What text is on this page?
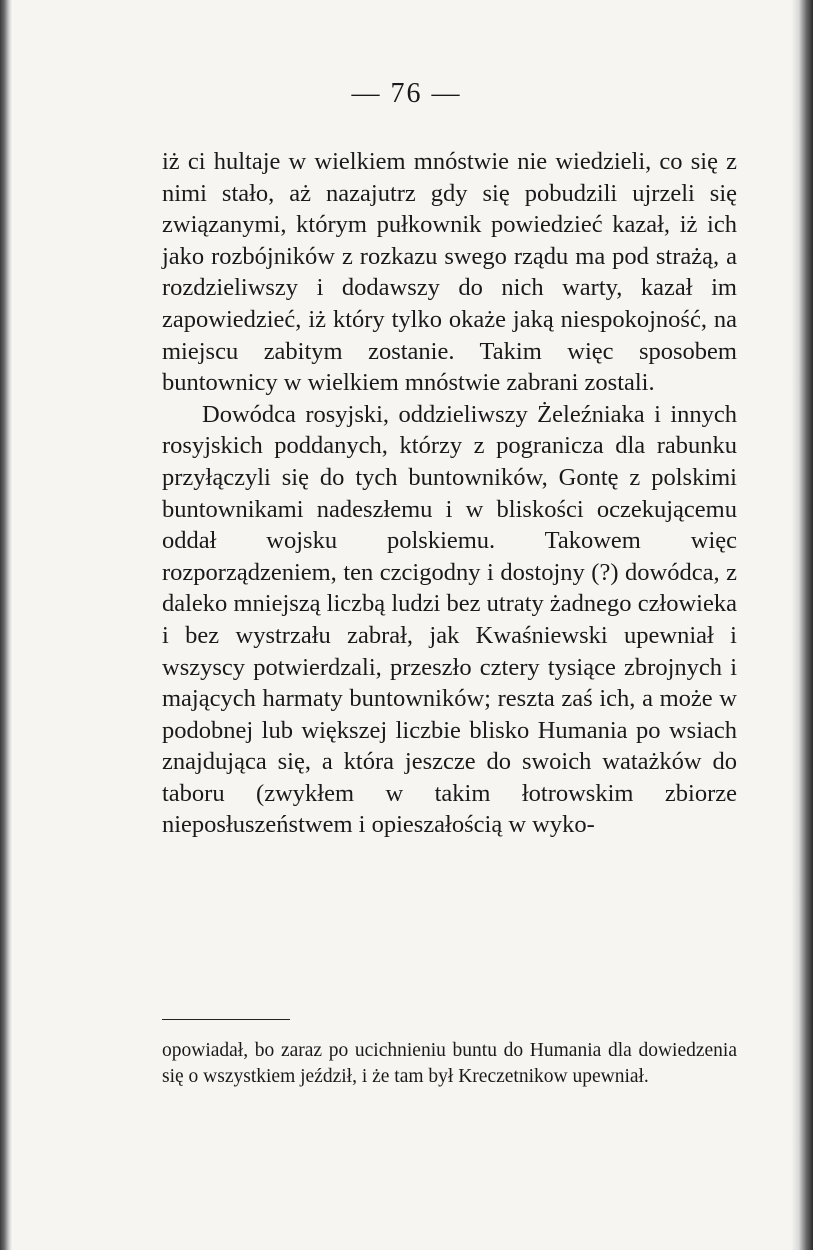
— 76 —

iż ci hultaje w wielkiem mnóstwie nie wiedzieli, co się z nimi stało, aż nazajutrz gdy się pobudzili ujrzeli się związanymi, którym pułkownik powiedzieć kazał, iż ich jako rozbójników z rozkazu swego rządu ma pod strażą, a rozdzieliwszy i dodawszy do nich warty, kazał im zapowiedzieć, iż który tylko okaże jaką niespokojność, na miejscu zabitym zostanie. Takim więc sposobem buntownicy w wielkiem mnóstwie zabrani zostali.

Dowódca rosyjski, oddzieliwszy Żeleźniaka i innych rosyjskich poddanych, którzy z pogranicza dla rabunku przyłączyli się do tych buntowników, Gontę z polskimi buntownikami nadeszłemu i w bliskości oczekującemu oddał wojsku polskiemu. Takowem więc rozporządzeniem, ten czcigodny i dostojny (?) dowódca, z daleko mniejszą liczbą ludzi bez utraty żadnego człowieka i bez wystrzału zabrał, jak Kwaśniewski upewniał i wszyscy potwierdzali, przeszło cztery tysiące zbrojnych i mających harmaty buntowników; reszta zaś ich, a może w podobnej lub większej liczbie blisko Humania po wsiach znajdująca się, a która jeszcze do swoich watażków do taboru (zwykłem w takim łotrowskim zbiorze nieposłuszeństwem i opieszałością w wyko-

opowiadał, bo zaraz po ucichnieniu buntu do Humania dla dowiedzenia się o wszystkiem jeździł, i że tam był Kreczetnikow upewniał.
